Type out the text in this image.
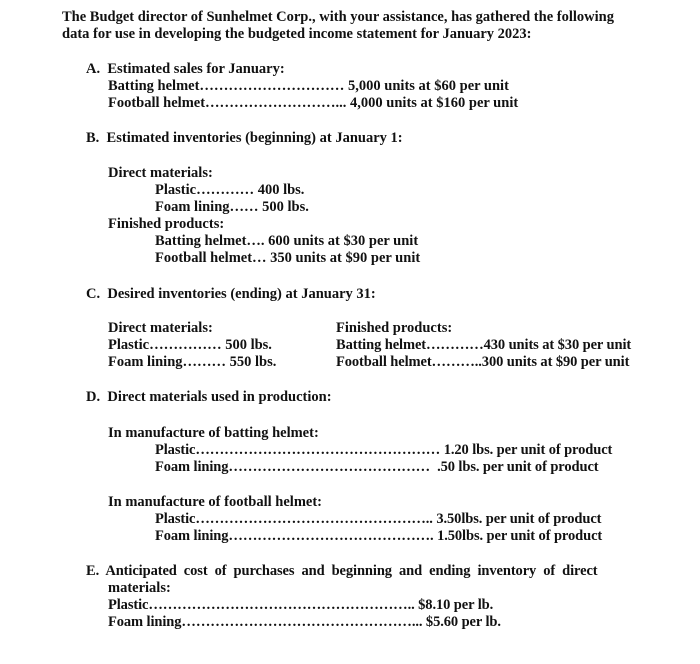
The Budget director of Sunhelmet Corp., with your assistance, has gathered the following
data for use in developing the budgeted income statement for January 2023:
A.  Estimated sales for January:
Batting helmet………………………… 5,000 units at $60 per unit
Football helmet………………………... 4,000 units at $160 per unit
B.  Estimated inventories (beginning) at January 1:
Direct materials:
Plastic………… 400 lbs.
Foam lining…… 500 lbs.
Finished products:
Batting helmet…. 600 units at $30 per unit
Football helmet… 350 units at $90 per unit
C.  Desired inventories (ending) at January 31:
Direct materials:
Plastic…………… 500 lbs.
Foam lining……… 550 lbs.
Finished products:
Batting helmet…………430 units at $30 per unit
Football helmet………..300 units at $90 per unit
D.  Direct materials used in production:
In manufacture of batting helmet:
Plastic…………………………………………… 1.20 lbs. per unit of product
Foam lining……………………………………  .50 lbs. per unit of product
In manufacture of football helmet:
Plastic………………………………………….. 3.50lbs. per unit of product
Foam lining……………………………………. 1.50lbs. per unit of product
E.  Anticipated  cost  of  purchases  and  beginning  and  ending  inventory  of  direct
materials:
Plastic……………………………………………….. $8.10 per lb.
Foam lining…………………………………………... $5.60 per lb.
